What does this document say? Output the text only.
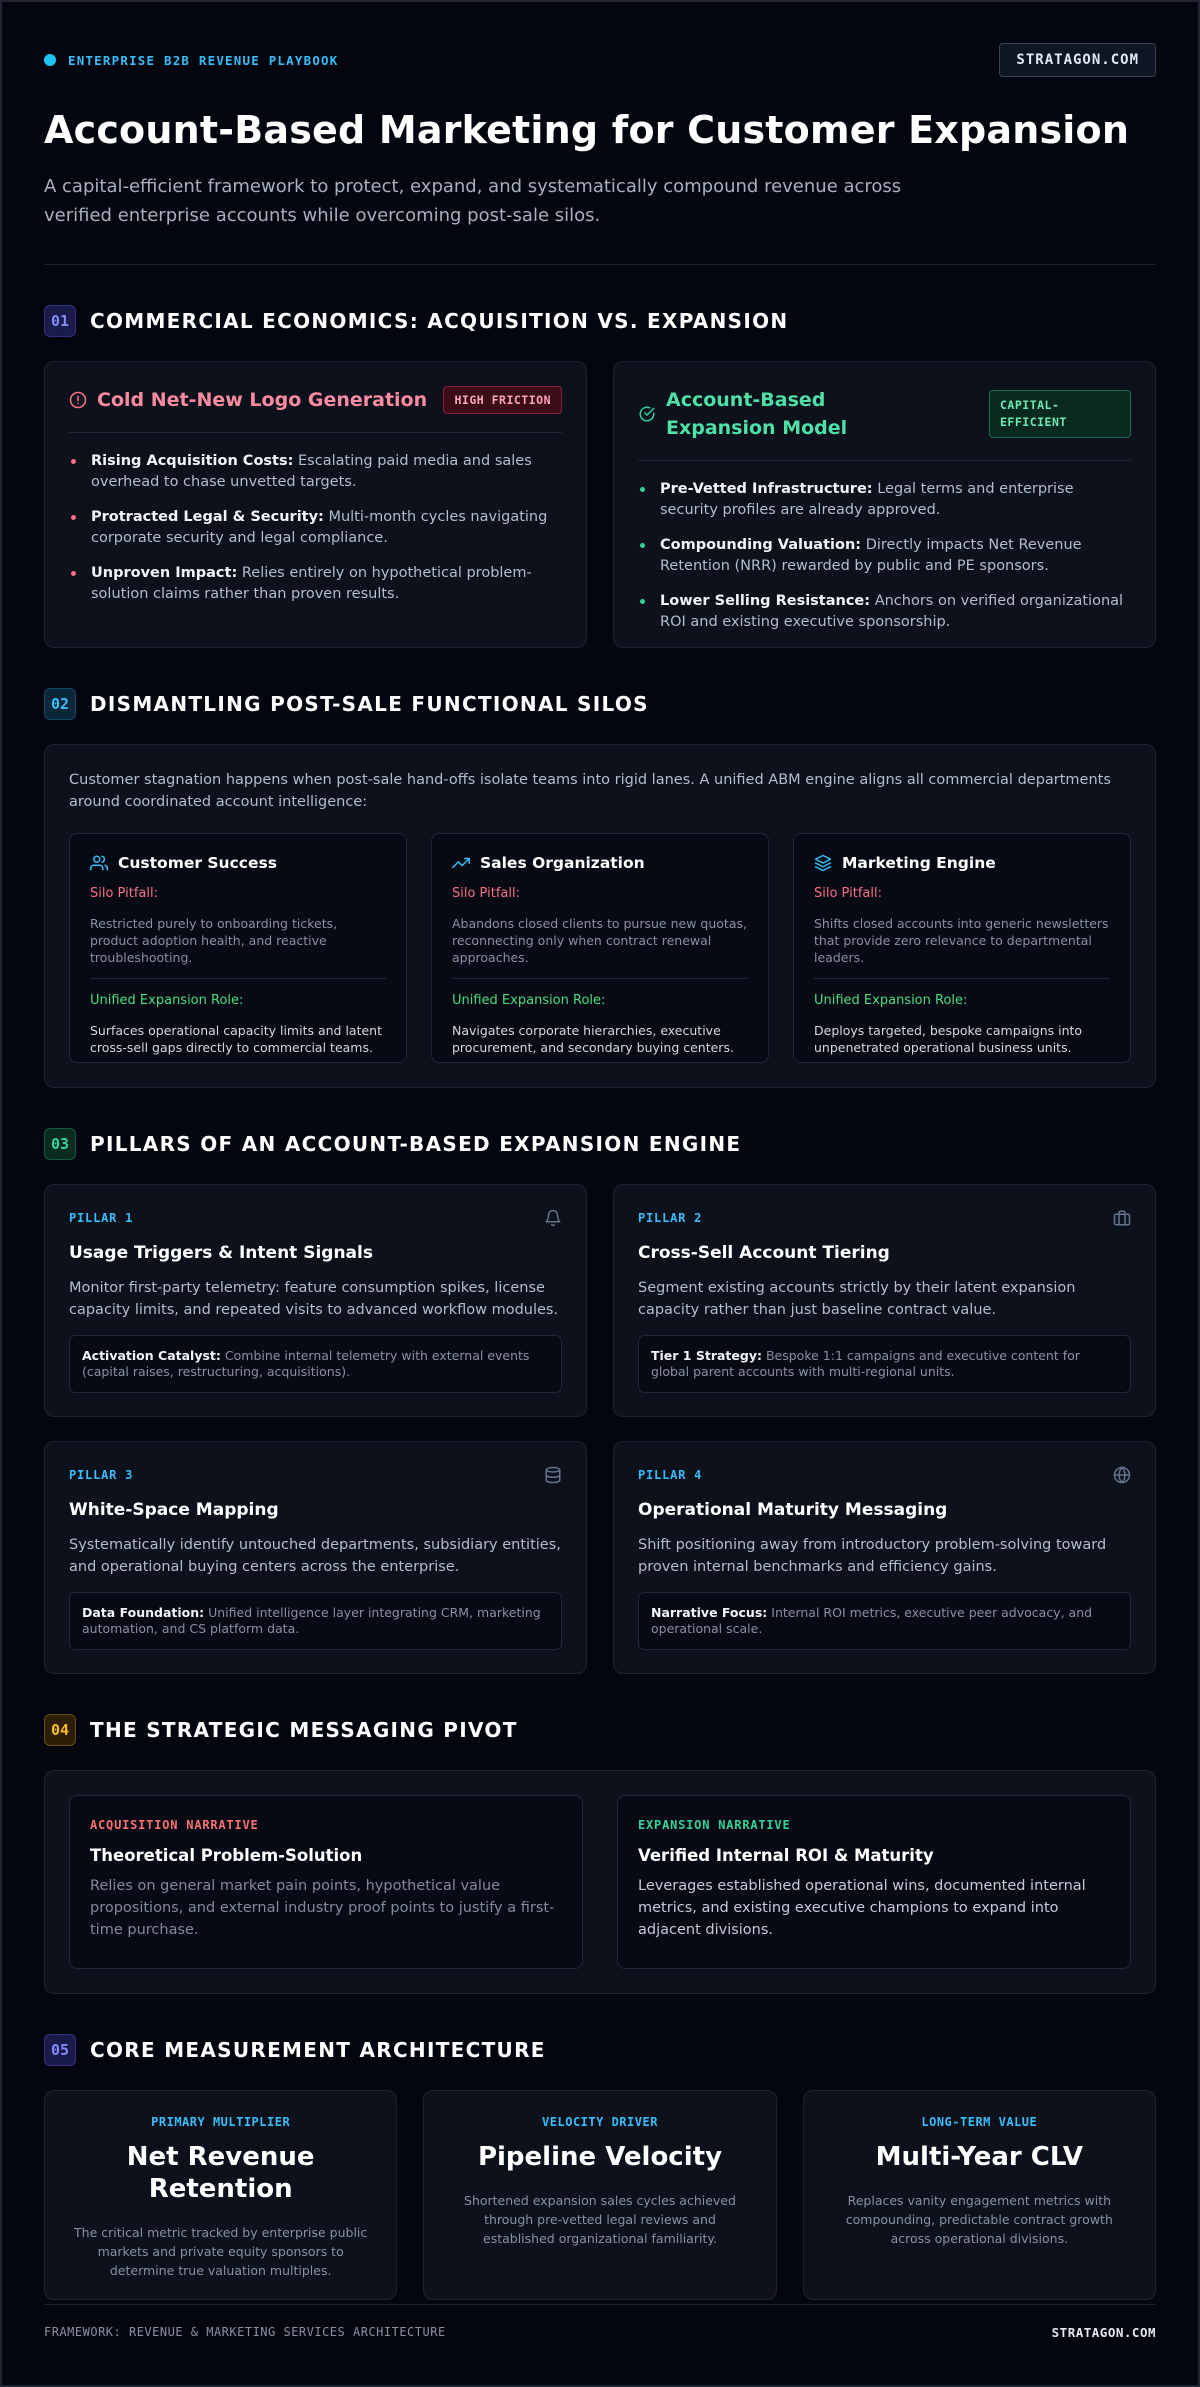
ENTERPRISE B2B REVENUE PLAYBOOK	STRATAGON.COM
Account-Based Marketing for Customer Expansion

A capital-efficient framework to protect, expand, and systematically compound revenue across verified enterprise accounts while overcoming post-sale silos.

01	COMMERCIAL ECONOMICS: ACQUISITION VS. EXPANSION
Cold Net-New Logo Generation	HIGH FRICTION
Rising Acquisition Costs: Escalating paid media and sales overhead to chase unvetted targets.
Protracted Legal & Security: Multi-month cycles navigating corporate security and legal compliance.
Unproven Impact: Relies entirely on hypothetical problem-solution claims rather than proven results.
Account-Based Expansion Model
CAPITAL-EFFICIENT
Pre-Vetted Infrastructure: Legal terms and enterprise security profiles are already approved.
Compounding Valuation: Directly impacts Net Revenue Retention (NRR) rewarded by public and PE sponsors.
Lower Selling Resistance: Anchors on verified organizational ROI and existing executive sponsorship.
02	DISMANTLING POST-SALE FUNCTIONAL SILOS

Customer stagnation happens when post-sale hand-offs isolate teams into rigid lanes. A unified ABM engine aligns all commercial departments around coordinated account intelligence:

Customer Success
Silo Pitfall:
Restricted purely to onboarding tickets, product adoption health, and reactive troubleshooting.
Unified Expansion Role:
Surfaces operational capacity limits and latent cross-sell gaps directly to commercial teams.
Sales Organization
Silo Pitfall:
Abandons closed clients to pursue new quotas, reconnecting only when contract renewal approaches.
Unified Expansion Role:
Navigates corporate hierarchies, executive procurement, and secondary buying centers.
Marketing Engine
Silo Pitfall:
Shifts closed accounts into generic newsletters that provide zero relevance to departmental leaders.
Unified Expansion Role:
Deploys targeted, bespoke campaigns into unpenetrated operational business units.
03	PILLARS OF AN ACCOUNT-BASED EXPANSION ENGINE
PILLAR 1
Usage Triggers & Intent Signals
Monitor first-party telemetry: feature consumption spikes, license capacity limits, and repeated visits to advanced workflow modules.
Activation Catalyst: Combine internal telemetry with external events (capital raises, restructuring, acquisitions).
PILLAR 2
Cross-Sell Account Tiering
Segment existing accounts strictly by their latent expansion capacity rather than just baseline contract value.
Tier 1 Strategy: Bespoke 1:1 campaigns and executive content for global parent accounts with multi-regional units.
PILLAR 3
White-Space Mapping
Systematically identify untouched departments, subsidiary entities, and operational buying centers across the enterprise.
Data Foundation: Unified intelligence layer integrating CRM, marketing automation, and CS platform data.
PILLAR 4
Operational Maturity Messaging
Shift positioning away from introductory problem-solving toward proven internal benchmarks and efficiency gains.
Narrative Focus: Internal ROI metrics, executive peer advocacy, and operational scale.
04	THE STRATEGIC MESSAGING PIVOT
ACQUISITION NARRATIVE
Theoretical Problem-Solution
Relies on general market pain points, hypothetical value propositions, and external industry proof points to justify a first-time purchase.
EXPANSION NARRATIVE
Verified Internal ROI & Maturity
Leverages established operational wins, documented internal metrics, and existing executive champions to expand into adjacent divisions.
05	CORE MEASUREMENT ARCHITECTURE
PRIMARY MULTIPLIER
Net Revenue Retention
The critical metric tracked by enterprise public markets and private equity sponsors to determine true valuation multiples.
VELOCITY DRIVER
Pipeline Velocity
Shortened expansion sales cycles achieved through pre-vetted legal reviews and established organizational familiarity.
LONG-TERM VALUE
Multi-Year CLV
Replaces vanity engagement metrics with compounding, predictable contract growth across operational divisions.
FRAMEWORK: REVENUE & MARKETING SERVICES ARCHITECTURE	STRATAGON.COM
